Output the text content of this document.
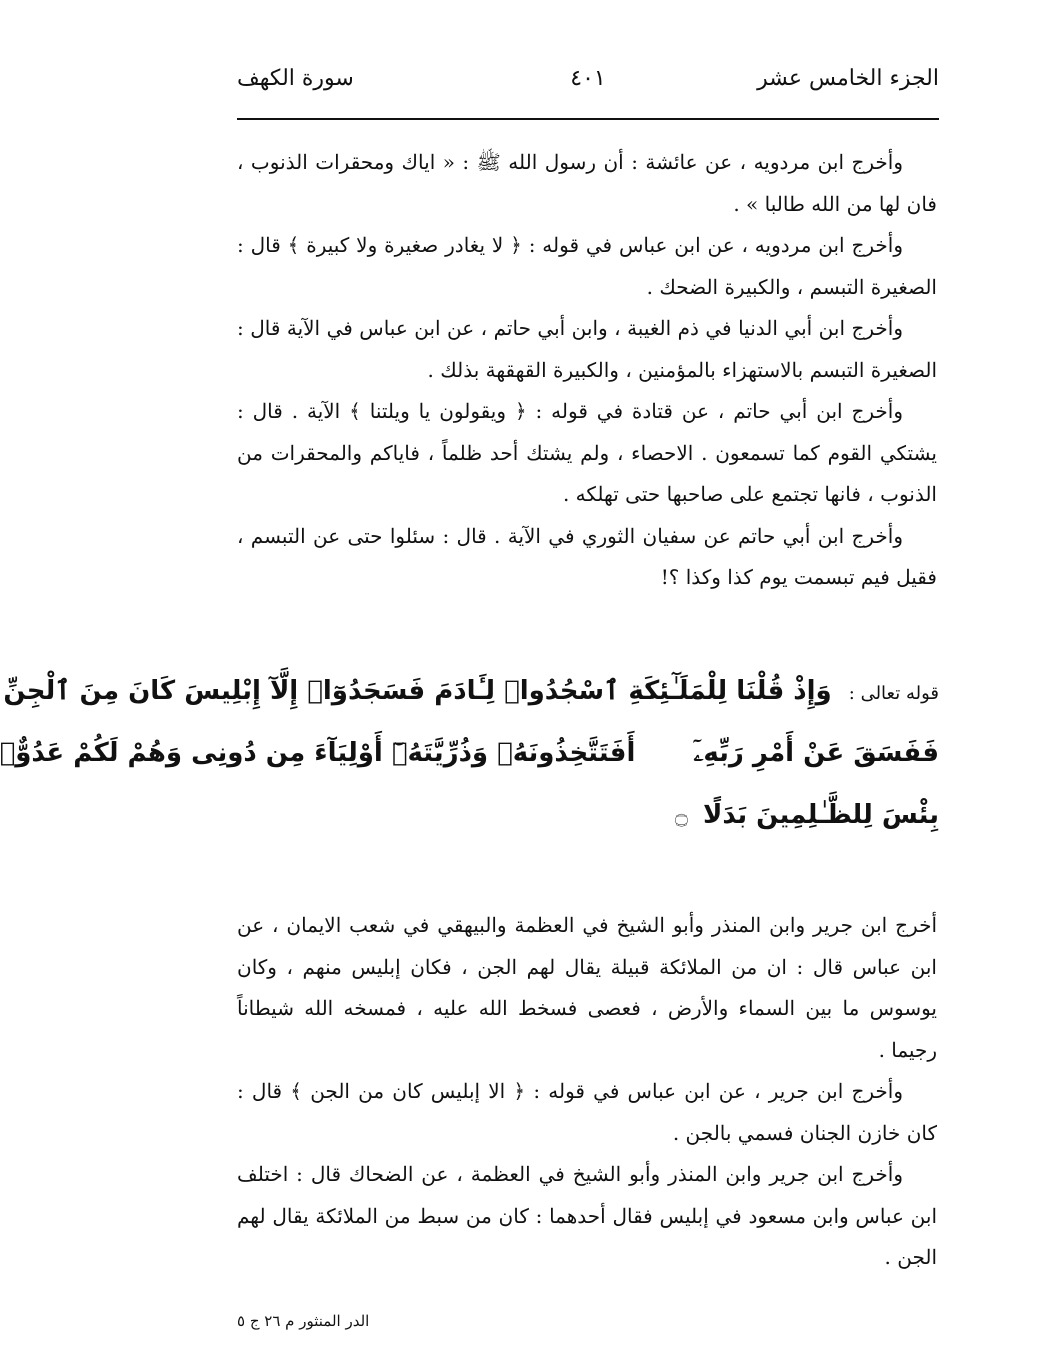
الجزء الخامس عشر
٤٠١
سورة الكهف

وأخرج ابن مردويه ، عن عائشة : أن رسول الله ﷺ : « اياك ومحقرات الذنوب ، فان لها من الله طالبا » .

وأخرج ابن مردويه ، عن ابن عباس في قوله : ﴿ لا يغادر صغيرة ولا كبيرة ﴾ قال : الصغيرة التبسم ، والكبيرة الضحك .

وأخرج ابن أبي الدنيا في ذم الغيبة ، وابن أبي حاتم ، عن ابن عباس في الآية قال : الصغيرة التبسم بالاستهزاء بالمؤمنين ، والكبيرة القهقهة بذلك .

وأخرج ابن أبي حاتم ، عن قتادة في قوله : ﴿ ويقولون يا ويلتنا ﴾ الآية . قال : يشتكي القوم كما تسمعون . الاحصاء ، ولم يشتك أحد ظلماً ، فاياكم والمحقرات من الذنوب ، فانها تجتمع على صاحبها حتى تهلكه .

وأخرج ابن أبي حاتم عن سفيان الثوري في الآية . قال : سئلوا حتى عن التبسم ، فقيل فيم تبسمت يوم كذا وكذا ؟!

قوله تعالى : وَإِذْ قُلْنَا لِلْمَلَـٰٓئِكَةِ ٱسْجُدُوا۟ لِـَٔادَمَ فَسَجَدُوٓا۟ إِلَّآ إِبْلِيسَ كَانَ مِنَ ٱلْجِنِّ
فَفَسَقَ عَنْ أَمْرِ رَبِّهِۦٓ  أَفَتَتَّخِذُونَهُۥ وَذُرِّيَّتَهُۥٓ أَوْلِيَآءَ مِن دُونِى وَهُمْ لَكُمْ عَدُوٌّۢ
بِئْسَ لِلظَّـٰلِمِينَ بَدَلًا ۝

أخرج ابن جرير وابن المنذر وأبو الشيخ في العظمة والبيهقي في شعب الايمان ، عن ابن عباس قال : ان من الملائكة قبيلة يقال لهم الجن ، فكان إبليس منهم ، وكان يوسوس ما بين السماء والأرض ، فعصى فسخط الله عليه ، فمسخه الله شيطاناً رجيما .

وأخرج ابن جرير ، عن ابن عباس في قوله : ﴿ الا إبليس كان من الجن ﴾ قال : كان خازن الجنان فسمي بالجن .

وأخرج ابن جرير وابن المنذر وأبو الشيخ في العظمة ، عن الضحاك قال : اختلف ابن عباس وابن مسعود في إبليس فقال أحدهما : كان من سبط من الملائكة يقال لهم الجن .

الدر المنثور م ٢٦ ج ٥
